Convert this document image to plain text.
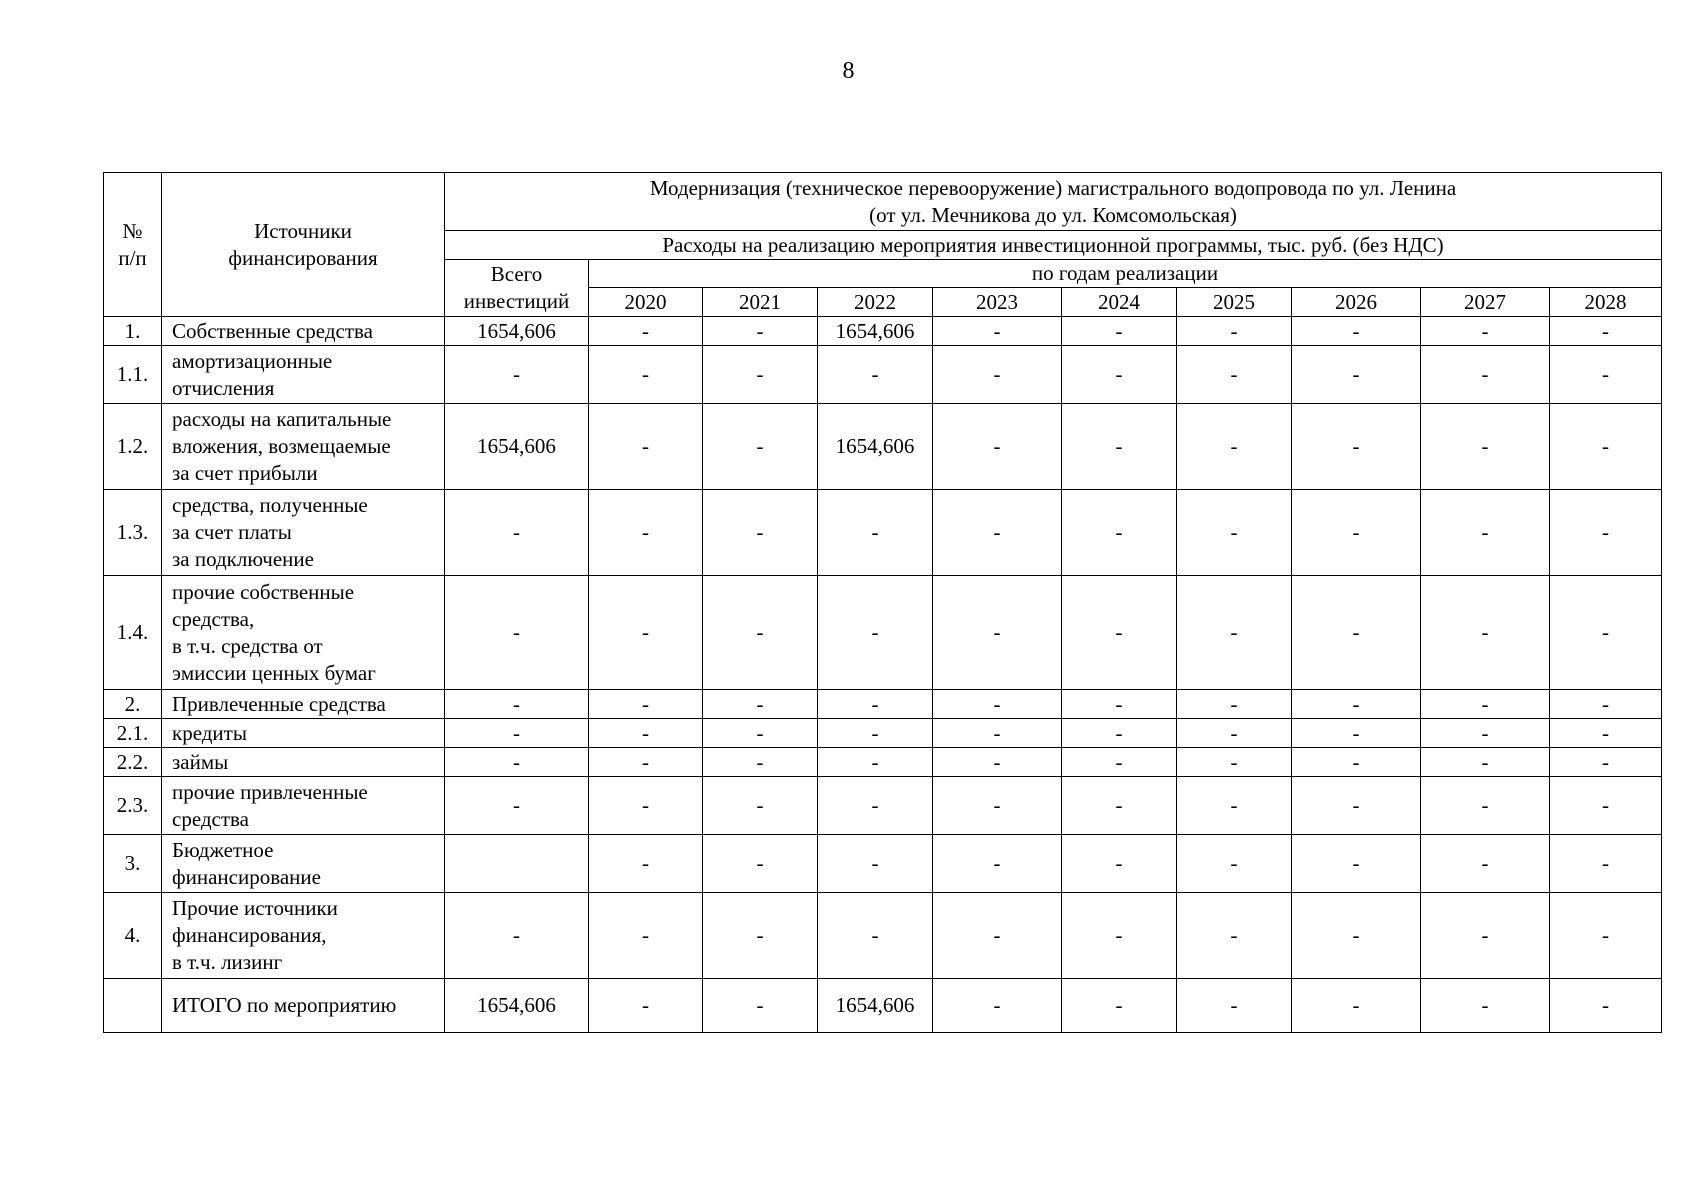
8
№
п/п	Источники
финансирования	Модернизация (техническое перевооружение) магистрального водопровода по ул. Ленина
(от ул. Мечникова до ул. Комсомольская)									
		Расходы на реализацию мероприятия инвестиционной программы, тыс. руб. (без НДС)									
		Всего
инвестиций	по годам реализации								
			2020	2021	2022	2023	2024	2025	2026	2027	2028
1.	Собственные средства	1654,606	-	-	1654,606	-	-	-	-	-	-
1.1.	амортизационные
отчисления	-	-	-	-	-	-	-	-	-	-
1.2.	расходы на капитальные
вложения, возмещаемые
за счет прибыли	1654,606	-	-	1654,606	-	-	-	-	-	-
1.3.	средства, полученные
за счет платы
за подключение	-	-	-	-	-	-	-	-	-	-
1.4.	прочие собственные
средства,
в т.ч. средства от
эмиссии ценных бумаг	-	-	-	-	-	-	-	-	-	-
2.	Привлеченные средства	-	-	-	-	-	-	-	-	-	-
2.1.	кредиты	-	-	-	-	-	-	-	-	-	-
2.2.	займы	-	-	-	-	-	-	-	-	-	-
2.3.	прочие привлеченные
средства	-	-	-	-	-	-	-	-	-	-
3.	Бюджетное
финансирование		-	-	-	-	-	-	-	-	-
4.	Прочие источники
финансирования,
в т.ч. лизинг	-	-	-	-	-	-	-	-	-	-
	ИТОГО по мероприятию	1654,606	-	-	1654,606	-	-	-	-	-	-
